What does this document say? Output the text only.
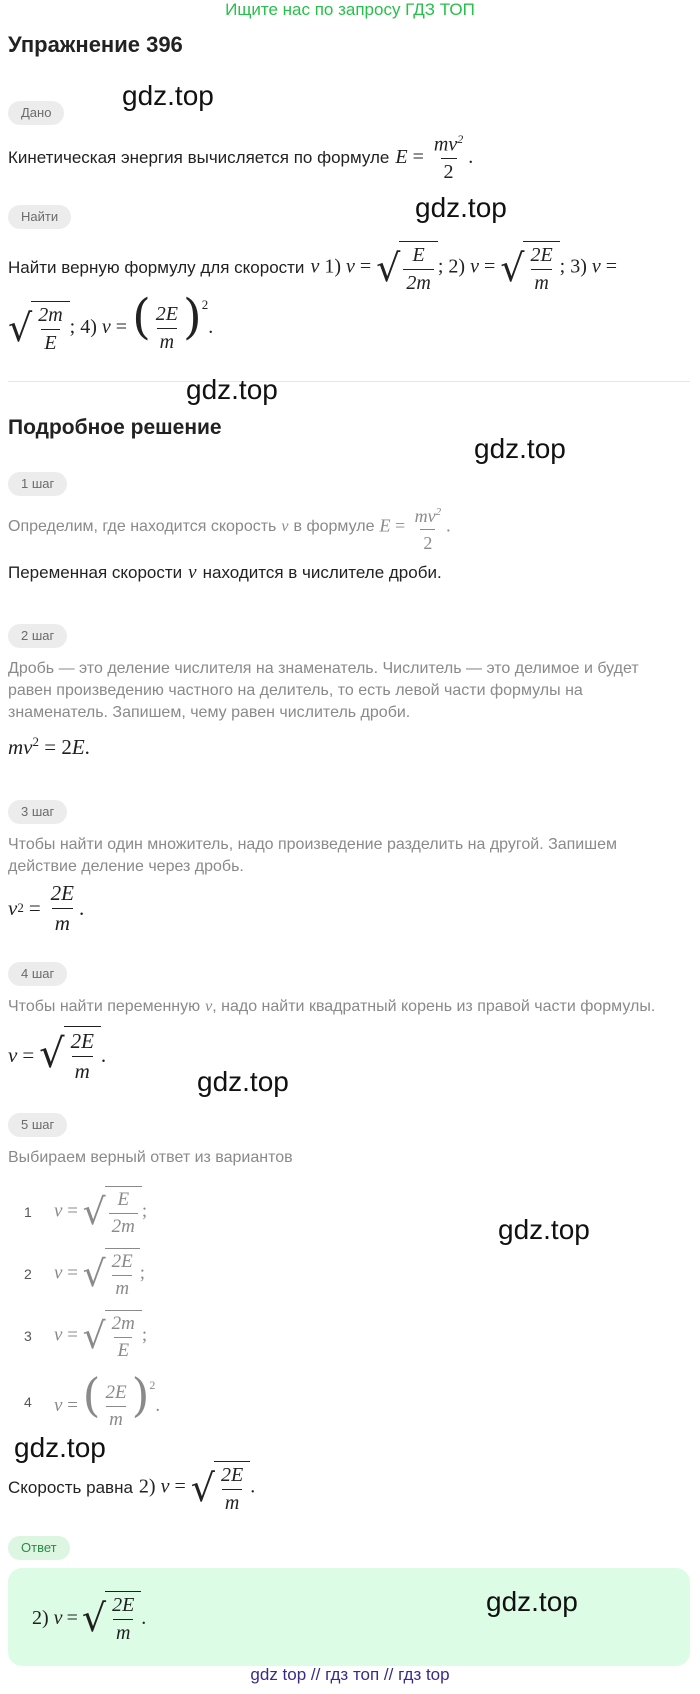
Ищите нас по запросу ГДЗ ТОП
Упражнение 396
Дано
gdz.top
Кинетическая энергия вычисляется по формуле $E = \frac{mv^2}{2}$ .
Найти	gdz.top
Найти верную формулу для скорости v 1) v = √ $\frac{E}{2m}$ ; 2) v = √ $\frac{2E}{m}$ ; 3) v =
√ $\frac{2m}{E}$ ; 4) v = ( $\frac{2E}{m} )^2$.
gdz.top
Подробное решение
gdz.top
1 шаг
Определим, где находится скорость v в формуле $E = \frac{mv^2}{2}$ .
Переменная скорости v находится в числителе дроби.
2 шаг
Дробь — это деление числителя на знаменатель. Числитель — это делимое и будет равен произведению частного на делитель, то есть левой части формулы на знаменатель. Запишем, чему равен числитель дроби.
$mv^2 = 2E$.
3 шаг
Чтобы найти один множитель, надо произведение разделить на другой. Запишем действие деление через дробь.
v $2 = \frac{2E}{m}$ .
4 шаг
Чтобы найти переменную v , надо найти квадратный корень из правой части формулы.
v = √ $\frac{2E}{m}$ .
gdz.top
5 шаг
Выбираем верный ответ из вариантов
1	v = √ $\frac{E}{2m}$ ;
2	v = √ $\frac{2E}{m}$ ;
3	v = √ $\frac{2m}{E}$ ;
4	v = ( $\frac{2E}{m} )^2$.
gdz.top
gdz.top
Скорость равна 2) v = √ $\frac{2E}{m}$ .
Ответ
2) v = √ $\frac{2E}{m}$ .
gdz.top
gdz top // гдз топ // гдз top
